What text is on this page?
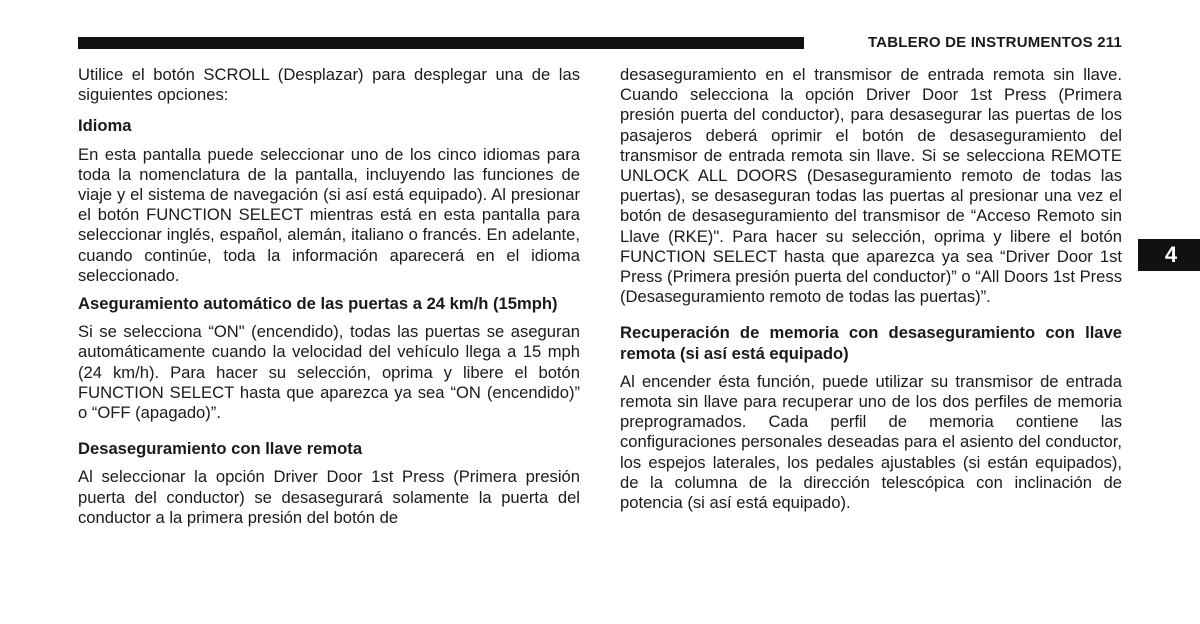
TABLERO DE INSTRUMENTOS 211

Utilice el botón SCROLL (Desplazar) para desplegar una de las siguientes opciones:

Idioma

En esta pantalla puede seleccionar uno de los cinco idiomas para toda la nomenclatura de la pantalla, incluyendo las funciones de viaje y el sistema de navegación (si así está equipado). Al presionar el botón FUNCTION SELECT mientras está en esta pantalla para seleccionar inglés, español, alemán, italiano o francés. En adelante, cuando continúe, toda la información aparecerá en el idioma seleccionado.

Aseguramiento automático de las puertas a 24 km/h (15mph)

Si se selecciona “ON" (encendido), todas las puertas se aseguran automáticamente cuando la velocidad del vehículo llega a 15 mph (24 km/h). Para hacer su selección, oprima y libere el botón FUNCTION SELECT hasta que aparezca ya sea “ON (encendido)” o “OFF (apagado)”.

Desaseguramiento con llave remota

Al seleccionar la opción Driver Door 1st Press (Primera presión puerta del conductor) se desasegurará solamente la puerta del conductor a la primera presión del botón de

desaseguramiento en el transmisor de entrada remota sin llave. Cuando selecciona la opción Driver Door 1st Press (Primera presión puerta del conductor), para desasegurar las puertas de los pasajeros deberá oprimir el botón de desaseguramiento del transmisor de entrada remota sin llave. Si se selecciona REMOTE UNLOCK ALL DOORS (Desaseguramiento remoto de todas las puertas), se desaseguran todas las puertas al presionar una vez el botón de desaseguramiento del transmisor de “Acceso Remoto sin Llave (RKE)". Para hacer su selección, oprima y libere el botón FUNCTION SELECT hasta que aparezca ya sea “Driver Door 1st Press (Primera presión puerta del conductor)” o “All Doors 1st Press (Desaseguramiento remoto de todas las puertas)”.

Recuperación de memoria con desaseguramiento con llave remota (si así está equipado)

Al encender ésta función, puede utilizar su transmisor de entrada remota sin llave para recuperar uno de los dos perfiles de memoria preprogramados. Cada perfil de memoria contiene las configuraciones personales deseadas para el asiento del conductor, los espejos laterales, los pedales ajustables (si están equipados), de la columna de la dirección telescópica con inclinación de potencia (si así está equipado).

4
